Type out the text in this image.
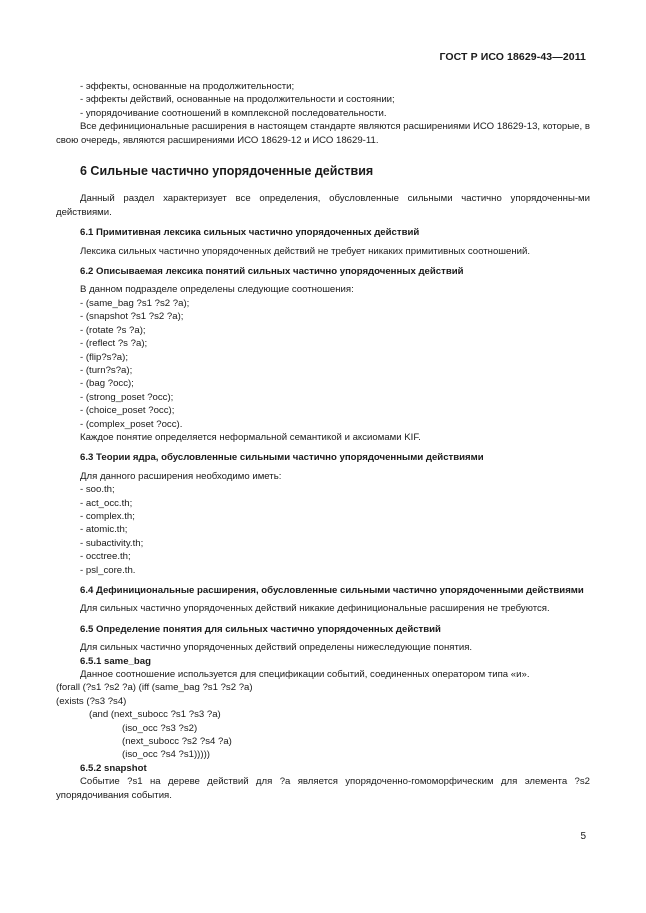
ГОСТ Р ИСО 18629-43—2011
- эффекты, основанные на продолжительности;
- эффекты действий, основанные на продолжительности и состоянии;
- упорядочивание соотношений в комплексной последовательности.

Все дефинициональные расширения в настоящем стандарте являются расширениями ИСО 18629-13, которые, в свою очередь, являются расширениями ИСО 18629-12 и ИСО 18629-11.

6 Сильные частично упорядоченные действия

Данный раздел характеризует все определения, обусловленные сильными частично упорядоченны-ми действиями.

6.1 Примитивная лексика сильных частично упорядоченных действий

Лексика сильных частично упорядоченных действий не требует никаких примитивных соотношений.

6.2 Описываемая лексика понятий сильных частично упорядоченных действий
В данном подразделе определены следующие соотношения:
- (same_bag ?s1 ?s2 ?a);
- (snapshot ?s1 ?s2 ?a);
- (rotate ?s ?a);
- (reflect ?s ?a);
- (flip?s?a);
- (turn?s?a);
- (bag ?occ);
- (strong_poset ?occ);
- (choice_poset ?occ);
- (complex_poset ?occ).
Каждое понятие определяется неформальной семантикой и аксиомами KIF.
6.3 Теории ядра, обусловленные сильными частично упорядоченными действиями
Для данного расширения необходимо иметь:
- soo.th;
- act_occ.th;
- complex.th;
- atomic.th;
- subactivity.th;
- occtree.th;
- psl_core.th.
6.4 Дефинициональные расширения, обусловленные сильными частично упорядоченными действиями

Для сильных частично упорядоченных действий никакие дефинициональные расширения не требуются.

6.5 Определение понятия для сильных частично упорядоченных действий
Для сильных частично упорядоченных действий определены нижеследующие понятия.
6.5.1 same_bag
Данное соотношение используется для спецификации событий, соединенных оператором типа «и».
(forall (?s1 ?s2 ?a) (iff (same_bag ?s1 ?s2 ?a)
(exists (?s3 ?s4)
(and (next_subocc ?s1 ?s3 ?a)
(iso_occ ?s3 ?s2)
(next_subocc ?s2 ?s4 ?a)
(iso_occ ?s4 ?s1)))))
6.5.2 snapshot

Событие ?s1 на дереве действий для ?a является упорядоченно-гомоморфическим для элемента ?s2 упорядочивания события.

5
